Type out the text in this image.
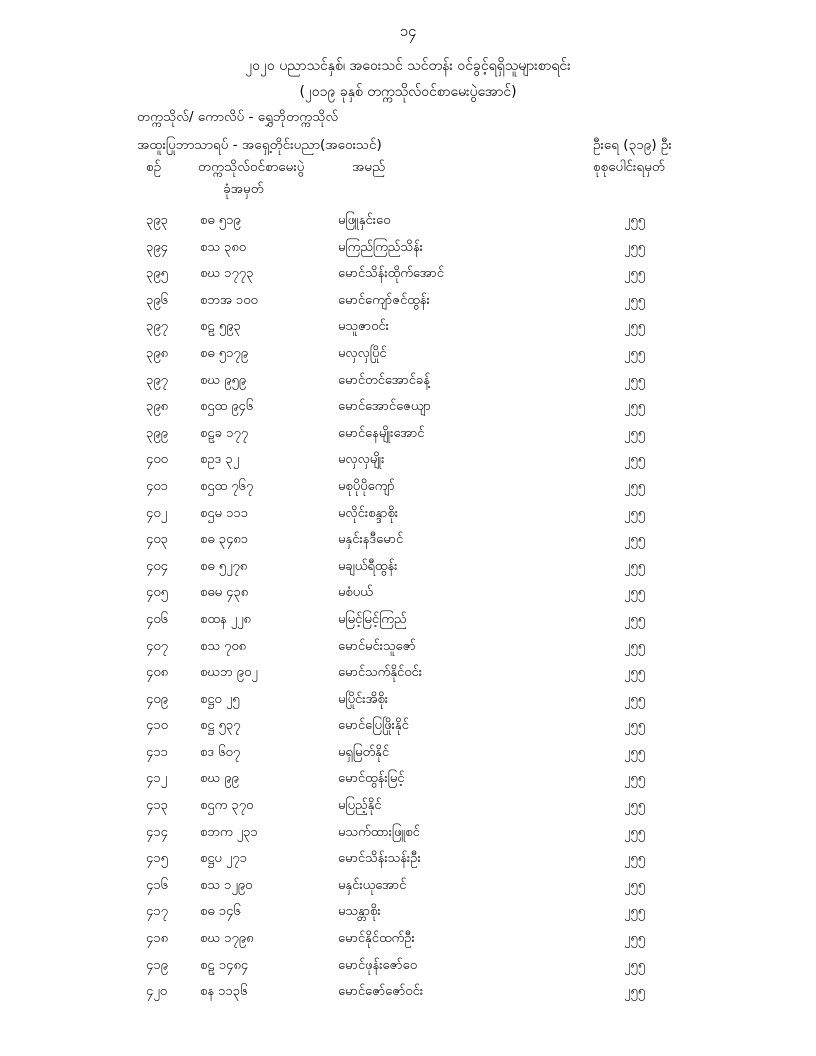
၁၄
၂၀၂၀ ပညာသင်နှစ်၊ အဝေးသင် သင်တန်း ဝင်ခွင့်ရရှိသူများစာရင်း
(၂၀၁၉ ခုနှစ် တက္ကသိုလ်ဝင်စာမေးပွဲအောင်)
တက္ကသိုလ်/ ကောလိပ် - ရွှေဘိုတက္ကသိုလ်
အထူးပြုဘာသာရပ် - အရှေ့တိုင်းပညာ(အဝေးသင်)	ဦးရေ (၃၁၉) ဦး
စဉ်	တက္ကသိုလ်ဝင်စာမေးပွဲ
ခုံအမှတ်
အမည်	စုစုပေါင်းရမှတ်
၃၉၃ စဓ ၅၁၉	မဖြူနှင်းဝေ	၂၅၅
၃၉၄ စသ ၃၈၀	မကြည်ကြည်သိန်း	၂၅၅
၃၉၅ စဃ ၁၇၇၃	မောင်သိန်းထိုက်အောင်	၂၅၅
၃၉၆ စဘအ ၁၀၀	မောင်ကျော်ဇင်ထွန်း	၂၅၅
၃၉၇ စဠ ၅၉၃	မသူဇာဝင်း	၂၅၅
၃၉၈ စဓ ၅၁၇၉	မလှလှပြိုင်	၂၅၅
၃၉၇ စဃ ၉၅၉	မောင်တင်အောင်ခန့်	၂၅၅
၃၉၈ စဌထ ၉၄၆	မောင်အောင်ဇေယျာ	၂၅၅
၃၉၉ စဠခ ၁၇၇	မောင်နေမျိုးအောင်	၂၅၅
၄၀၀ စဥဒ ၃၂	မလှလှမျိုး	၂၅၅
၄၀၁ စဌထ ၇၆၇	မစုပိုပိုကျော်	၂၅၅
၄၀၂	စဌမ ၁၁၁	မလိုင်းစန္ဒာစိုး	၂၅၅
၄၀၃ စဓ ၃၄၈၁	မနှင်းနဒီမောင်	၂၅၅
၄၀၄ စဓ ၅၂၇၈	မချယ်ရီထွန်း	၂၅၅
၄၀၅ စဓမ ၄၃၈	မစံပယ်	၂၅၅
၄၀၆ စထန ၂၂၈	မမြင့်မြင့်ကြည်	၂၅၅
၄၀၇ စသ ၇၀၈	မောင်မင်းသူဇော်	၂၅၅
၄၀၈ စဃဘ ၉၀၂	မောင်သက်နိုင်ဝင်း	၂၅၅
၄၀၉ စဋ္ဌ၀ ၂၅	မပြိုင်းအိစိုး	၂၅၅
၄၁၀ စဋ္ဌ ၅၃၇	မောင်ပြေဖြိုးနိုင်	၂၅၅
၄၁၁ စဒ ၆၀၇	မရှမြတ်နိုင်	၂၅၅
၄၁၂	စဃ ၉၉	မောင်ထွန်းမြင့်	၂၅၅
၄၁၃ စဌက ၃၇၀	မပြည့်နိုင်	၂၅၅
၄၁၄ စဘက ၂၃၁	မသက်ထားဖြူစင်	၂၅၅
၄၁၅ စဋ္ဌပ ၂၇၁	မောင်သိန်းသန်းဦး	၂၅၅
၄၁၆ စသ ၁၂၉၀	မနှင်းယုအောင်	၂၅၅
၄၁၇ စဓ ၁၄၆	မသန္တာစိုး	၂၅၅
၄၁၈ စဃ ၁၇၉၈	မောင်နိုင်ထက်ဦး	၂၅၅
၄၁၉ စဠ ၁၄၈၄	မောင်ဖုန်းဇော်ဝေ	၂၅၅
၄၂၀	စန ၁၁၃၆	မောင်ဇော်ဇော်ဝင်း	၂၅၅
